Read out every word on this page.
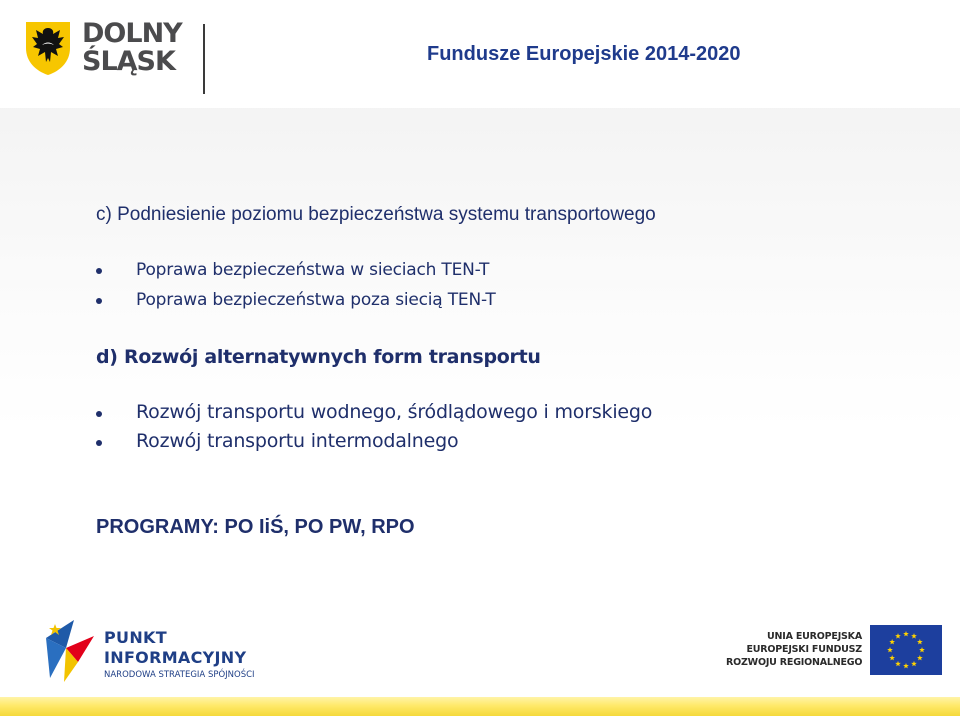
DOLNY
ŚLĄSK	Fundusze Europejskie 2014-2020
c) Podniesienie poziomu bezpieczeństwa systemu transportowego
Poprawa bezpieczeństwa w sieciach TEN-T
Poprawa bezpieczeństwa poza siecią TEN-T
d) Rozwój alternatywnych form transportu
Rozwój transportu wodnego, śródlądowego i morskiego
Rozwój transportu intermodalnego
PROGRAMY: PO IiŚ, PO PW, RPO
PUNKT
INFORMACYJNY
NARODOWA STRATEGIA SPÓJNOŚCI
UNIA EUROPEJSKA
EUROPEJSKI FUNDUSZ
ROZWOJU REGIONALNEGO
